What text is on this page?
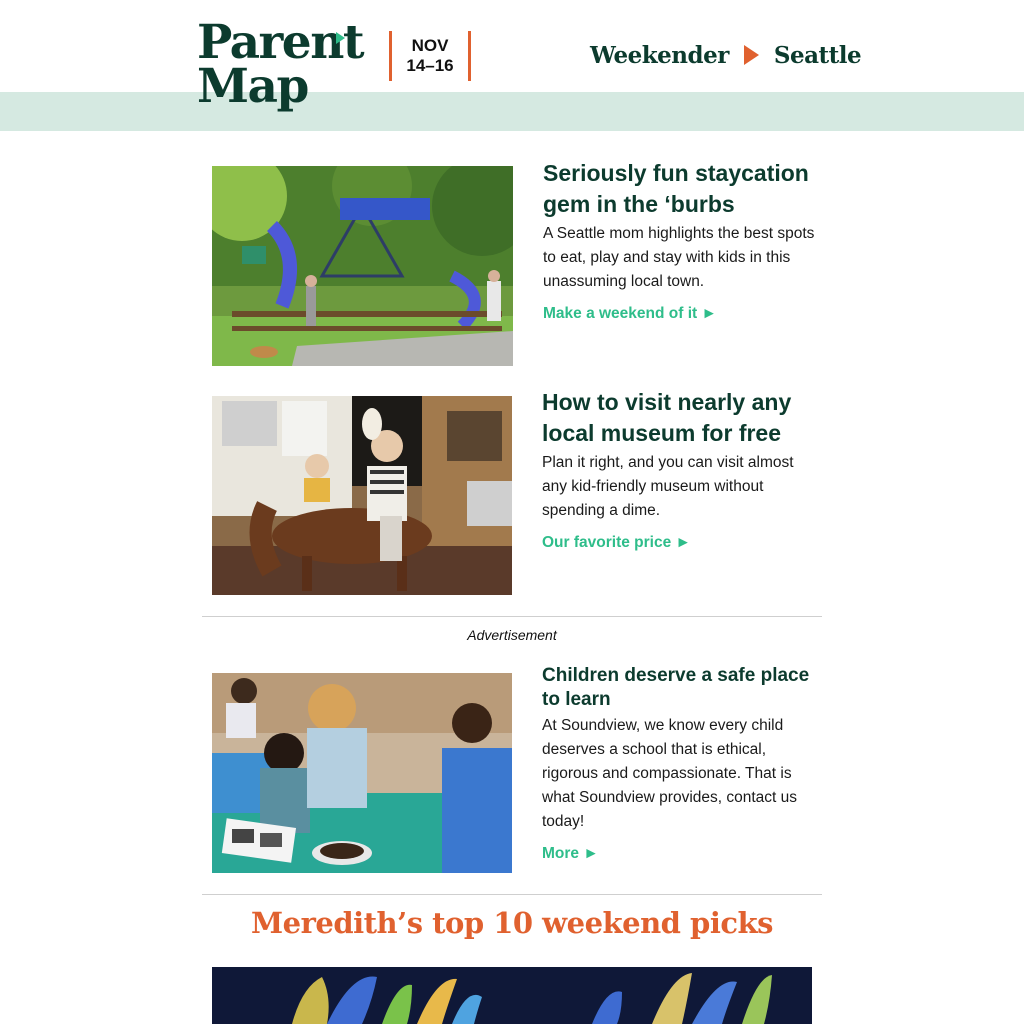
Parent
Map
NOV
14–16	Weekender Seattle
Seriously fun staycation gem in the ‘burbs
A Seattle mom highlights the best spots to eat, play and stay with kids in this unassuming local town.
Make a weekend of it ►
How to visit nearly any local museum for free
Plan it right, and you can visit almost any kid-friendly museum without spending a dime.
Our favorite price ►
Advertisement
Children deserve a safe place to learn
At Soundview, we know every child deserves a school that is ethical, rigorous and compassionate. That is what Soundview provides, contact us today!
More ►
Meredith’s top 10 weekend picks
